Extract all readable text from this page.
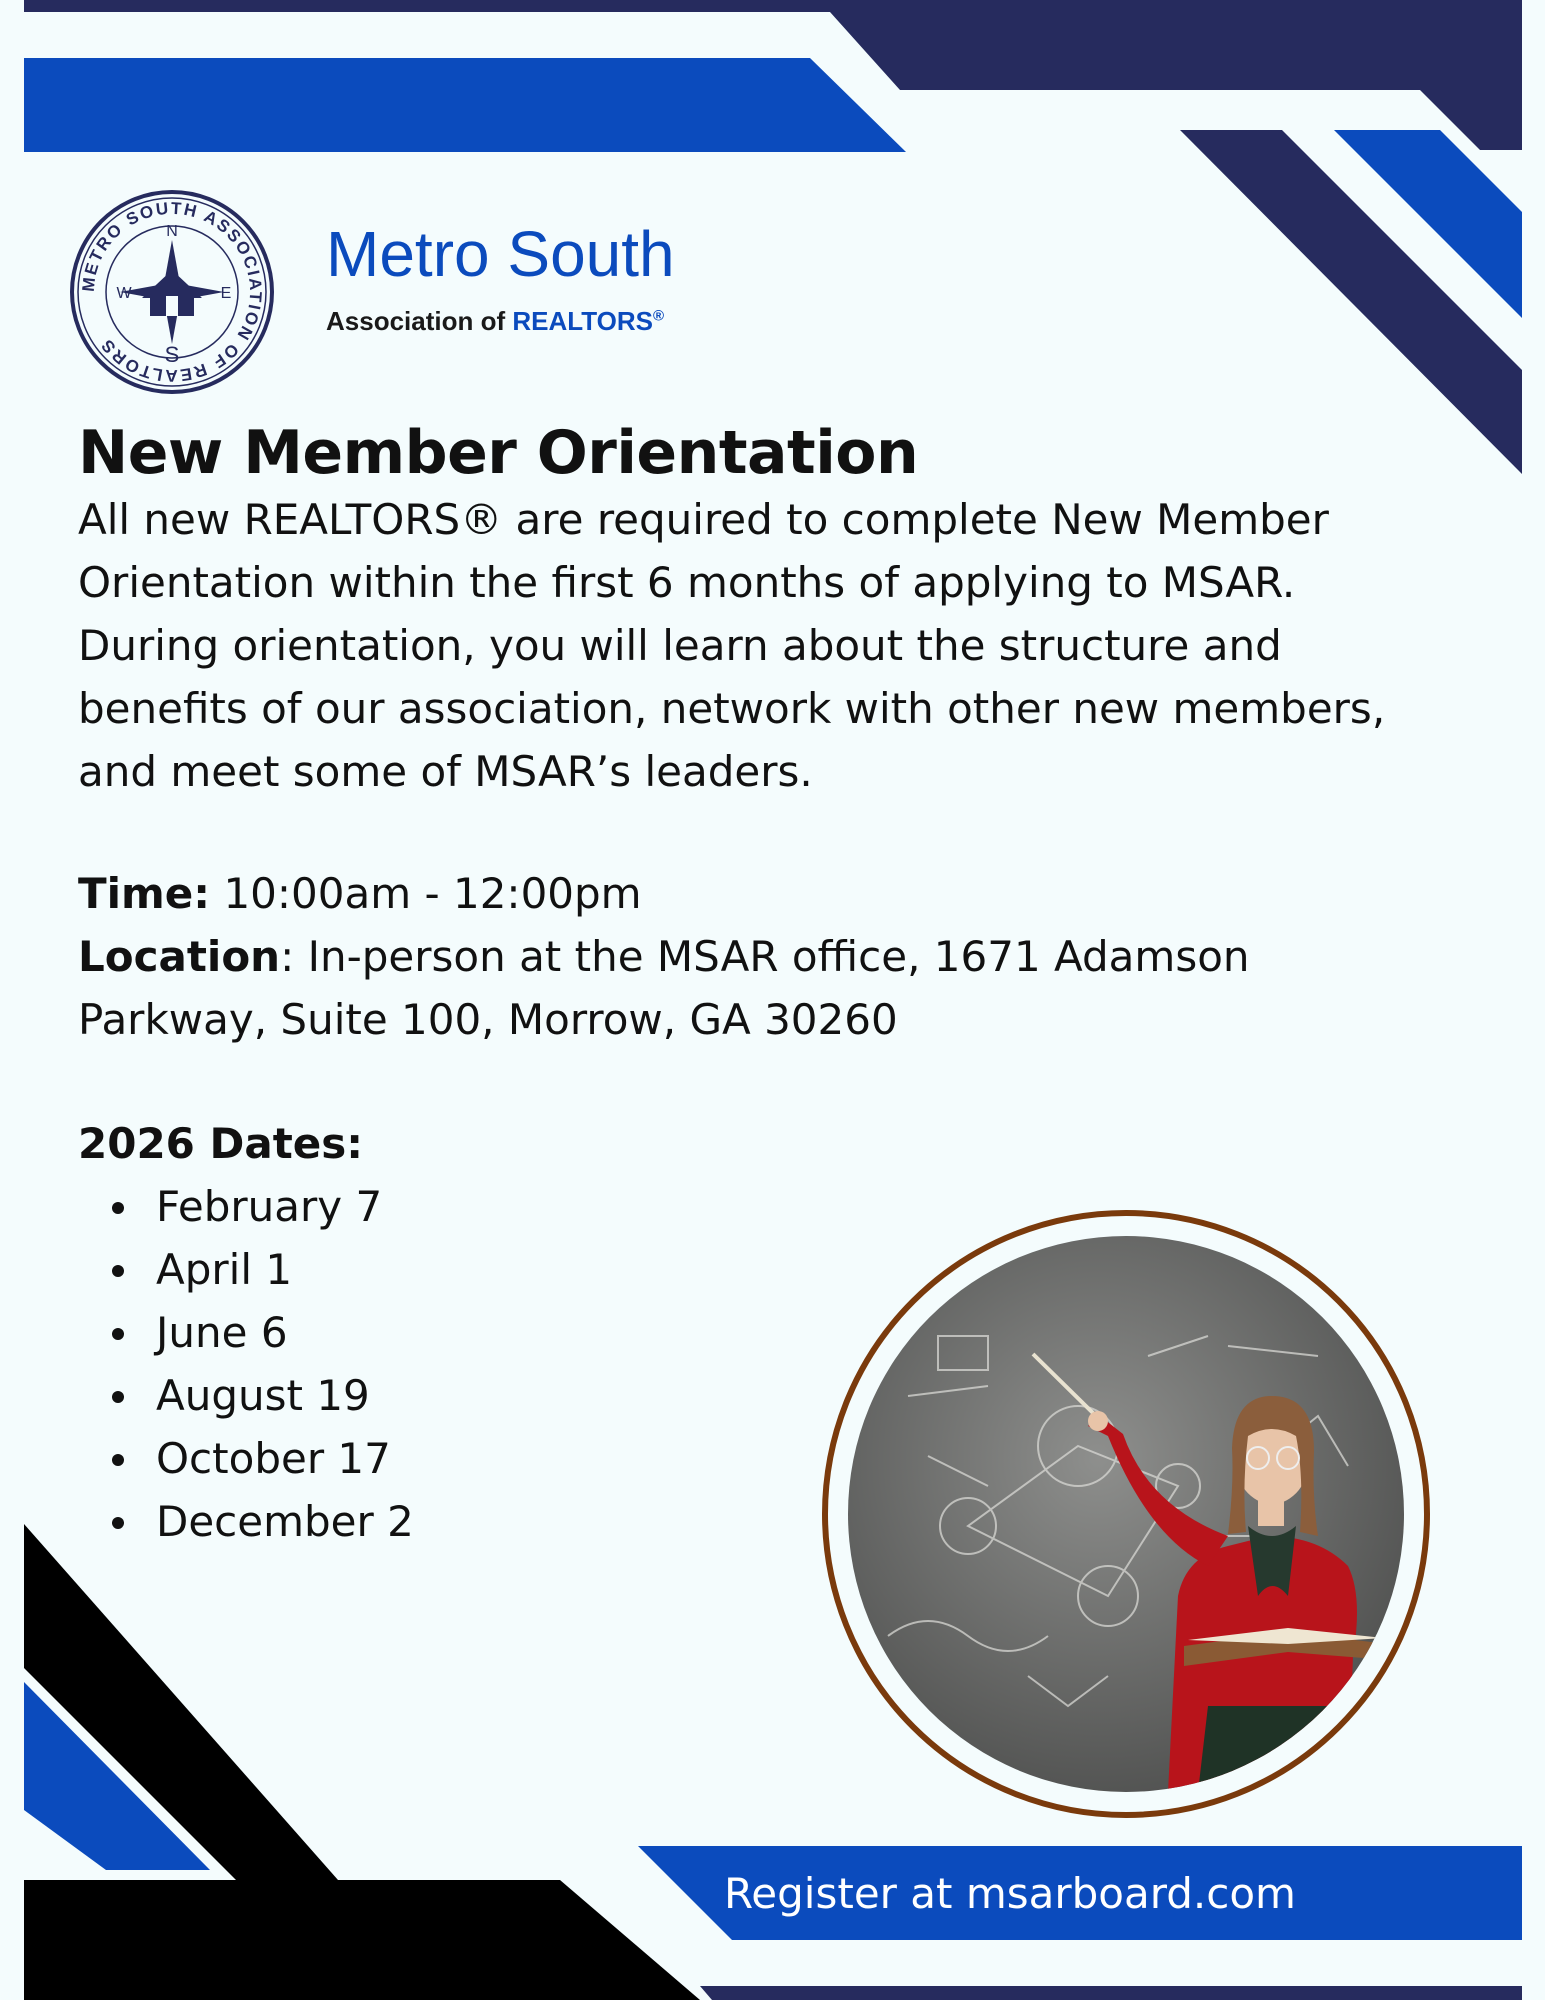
METRO SOUTH ASSOCIATION OF REALTORS
N
S
W	E
Metro South
Association of REALTORS®
New Member Orientation

All new REALTORS® are required to complete New Member Orientation within the first 6 months of applying to MSAR. During orientation, you will learn about the structure and benefits of our association, network with other new members, and meet some of MSAR’s leaders.

Time: 10:00am - 12:00pm

Location: In-person at the MSAR office, 1671 Adamson Parkway, Suite 100, Morrow, GA 30260

2026 Dates:
February 7
April 1
June 6
August 19
October 17
December 2
Register at msarboard.com
